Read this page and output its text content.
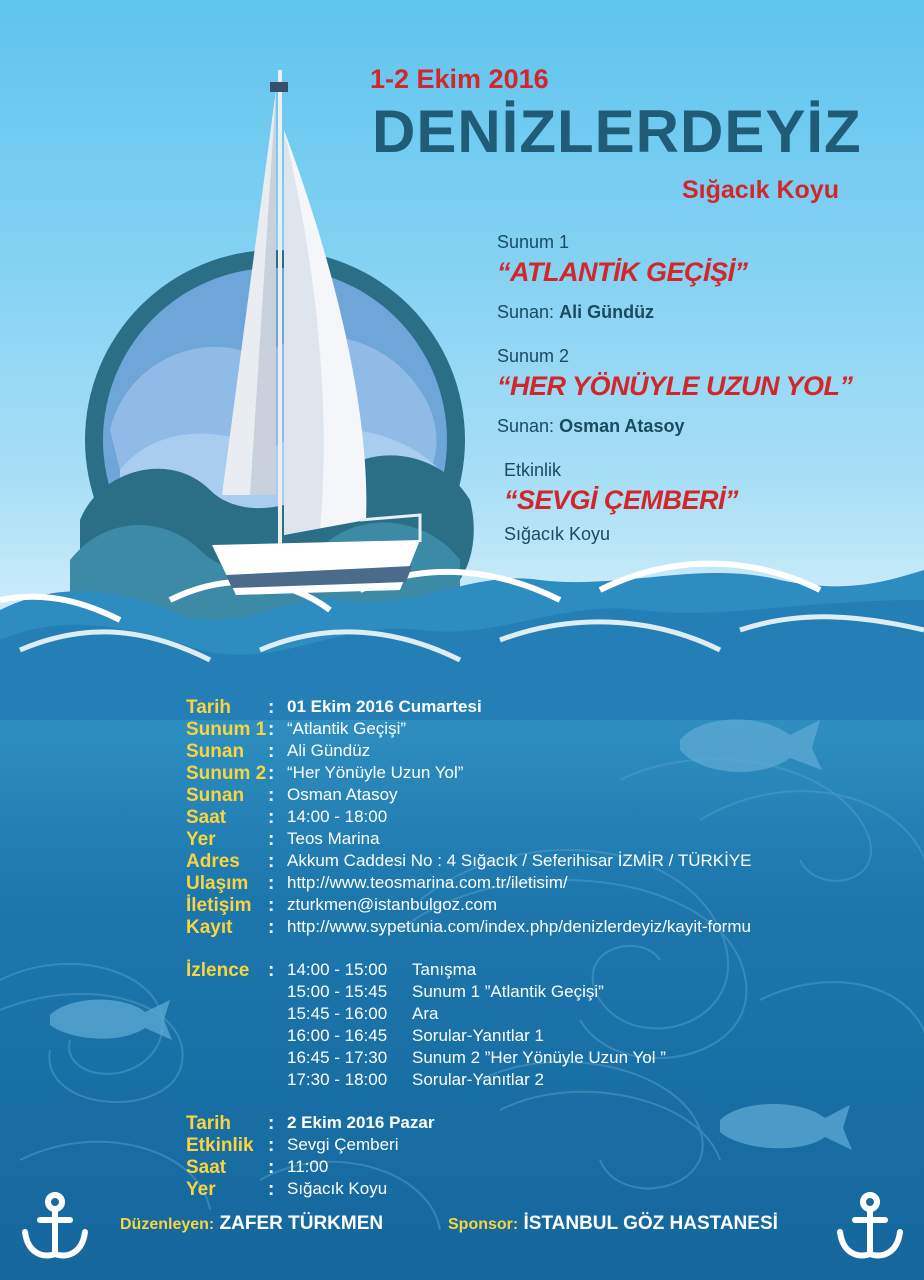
1-2 Ekim 2016
DENİZLERDEYİZ
Sığacık Koyu
Sunum 1
“ATLANTİK GEÇİŞİ”
Sunan: Ali Gündüz
Sunum 2
“HER YÖNÜYLE UZUN YOL”
Sunan: Osman Atasoy
Etkinlik
“SEVGİ ÇEMBERİ”
Sığacık Koyu
Tarih : 01 Ekim 2016 Cumartesi
Sunum 1 : “Atlantik Geçişi”
Sunan : Ali Gündüz
Sunum 2 : “Her Yönüyle Uzun Yol”
Sunan : Osman Atasoy
Saat : 14:00 - 18:00
Yer	: Teos Marina
Adres : Akkum Caddesi No : 4 Sığacık / Seferihisar İZMİR / TÜRKİYE
Ulaşım : http://www.teosmarina.com.tr/iletisim/
İletişim : zturkmen@istanbulgoz.com
Kayıt : http://www.sypetunia.com/index.php/denizlerdeyiz/kayit-formu
İzlence : 14:00 - 15:00 Tanışma
15:00 - 15:45 Sunum 1 ”Atlantik Geçişi”
15:45 - 16:00 Ara
16:00 - 16:45 Sorular-Yanıtlar 1
16:45 - 17:30 Sunum 2 ”Her Yönüyle Uzun Yol ”
17:30 - 18:00 Sorular-Yanıtlar 2
Tarih : 2 Ekim 2016 Pazar
Etkinlik : Sevgi Çemberi
Saat : 11:00
Yer	: Sığacık Koyu
Düzenleyen: ZAFER TÜRKMEN	Sponsor: İSTANBUL GÖZ HASTANESİ
